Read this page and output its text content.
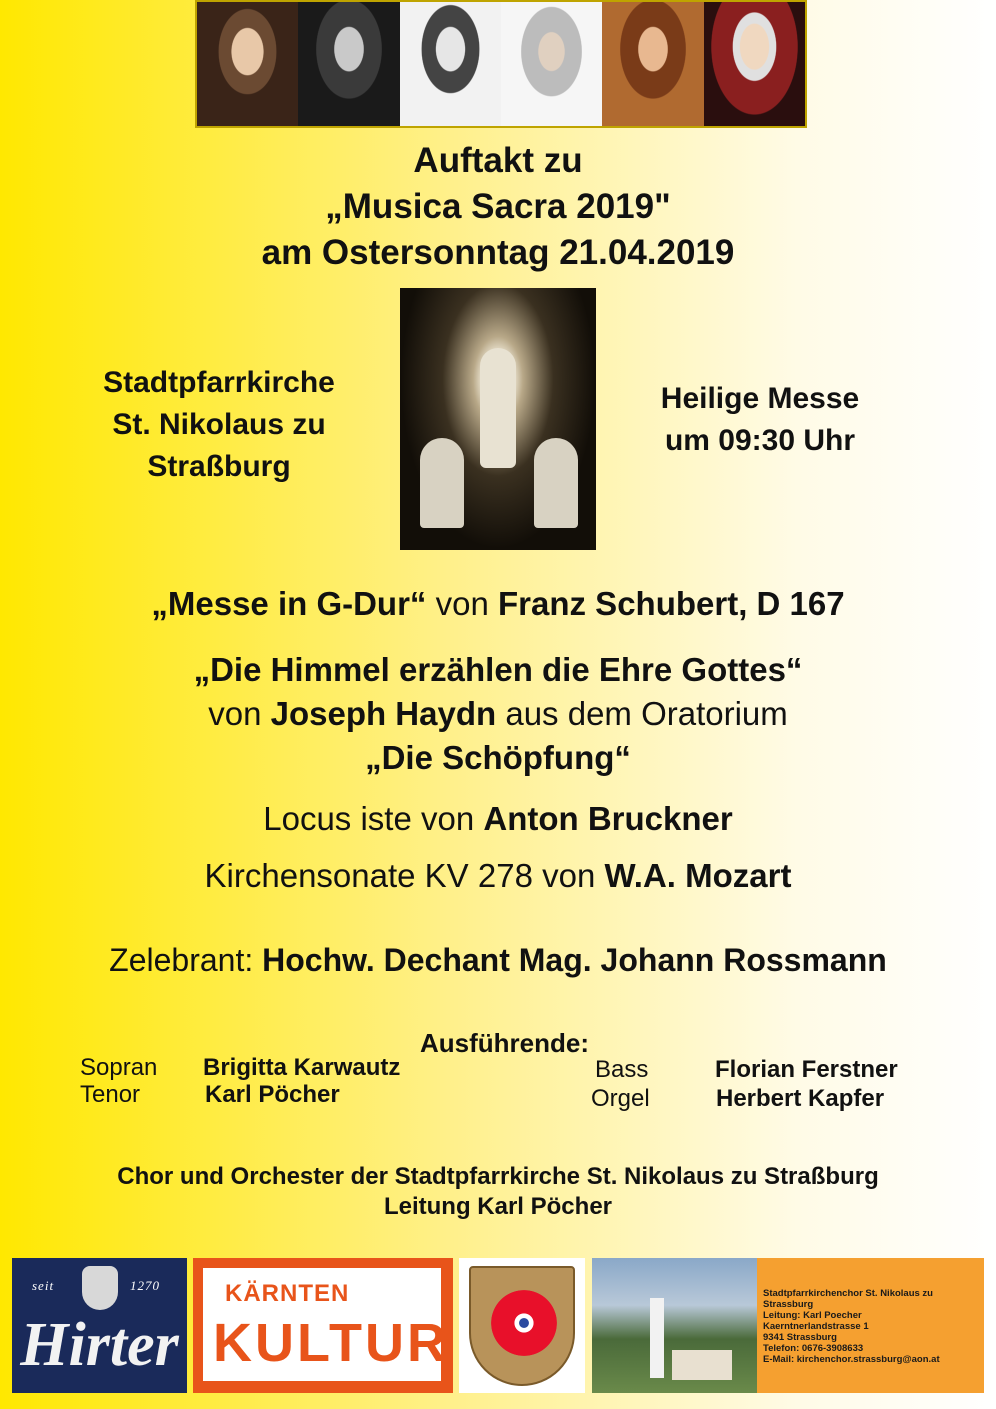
Auftakt zu
„Musica Sacra 2019"
am Ostersonntag 21.04.2019
Stadtpfarrkirche
St. Nikolaus zu
Straßburg
Heilige Messe
um 09:30 Uhr
„Messe in G-Dur“ von Franz Schubert, D 167
„Die Himmel erzählen die Ehre Gottes“
von Joseph Haydn aus dem Oratorium
„Die Schöpfung“
Locus iste von Anton Bruckner
Kirchensonate KV 278 von W.A. Mozart
Zelebrant: Hochw. Dechant Mag. Johann Rossmann
Ausführende:
Sopran Brigitta Karwautz
Tenor	Karl Pöcher
Bass	Florian Ferstner
Orgel	Herbert Kapfer
Chor und Orchester der Stadtpfarrkirche St. Nikolaus zu Straßburg
Leitung Karl Pöcher
seit	1270
Hirter
KÄRNTEN
KULTUR
Stadtpfarrkirchenchor St. Nikolaus zu Strassburg
Leitung: Karl Poecher
Kaerntnerlandstrasse 1
9341 Strassburg
Telefon: 0676-3908633
E-Mail: kirchenchor.strassburg@aon.at
